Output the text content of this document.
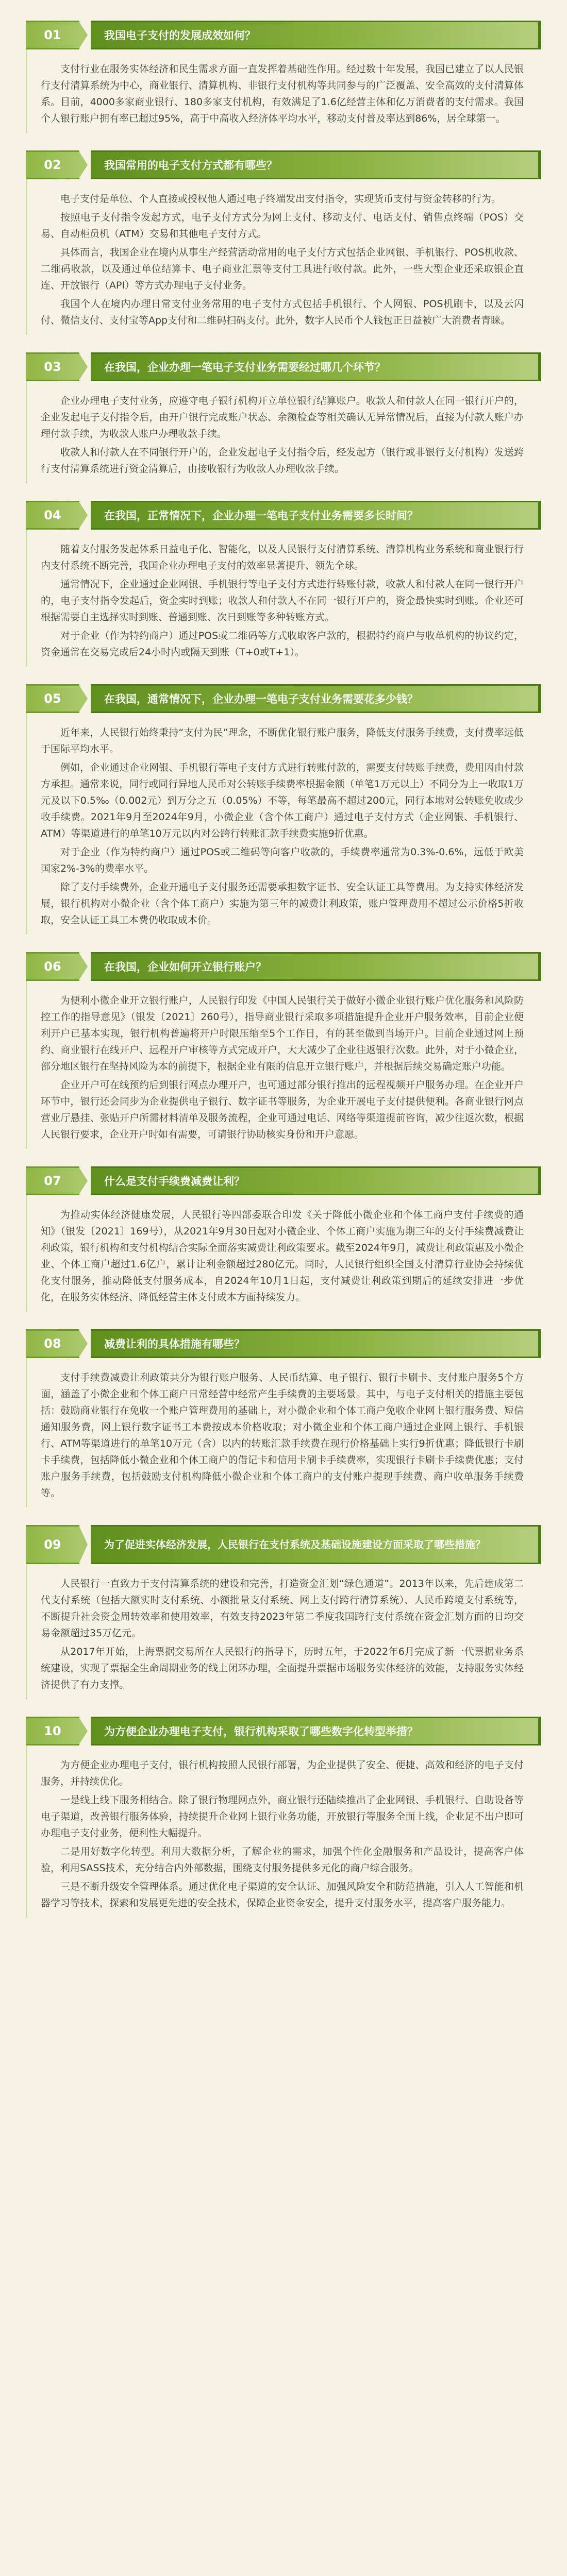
01	我国电子支付的发展成效如何？

支付行业在服务实体经济和民生需求方面一直发挥着基础性作用。经过数十年发展，我国已建立了以人民银行支付清算系统为中心，商业银行、清算机构、非银行支付机构等共同参与的广泛覆盖、安全高效的支付清算体系。目前，4000多家商业银行、180多家支付机构，有效满足了1.6亿经营主体和亿万消费者的支付需求。我国个人银行账户拥有率已超过95%，高于中高收入经济体平均水平，移动支付普及率达到86%，居全球第一。

02	我国常用的电子支付方式都有哪些？

电子支付是单位、个人直接或授权他人通过电子终端发出支付指令，实现货币支付与资金转移的行为。

按照电子支付指令发起方式，电子支付方式分为网上支付、移动支付、电话支付、销售点终端（POS）交易、自动柜员机（ATM）交易和其他电子支付方式。

具体而言，我国企业在境内从事生产经营活动常用的电子支付方式包括企业网银、手机银行、POS机收款、二维码收款，以及通过单位结算卡、电子商业汇票等支付工具进行收付款。此外，一些大型企业还采取银企直连、开放银行（API）等方式办理电子支付业务。

我国个人在境内办理日常支付业务常用的电子支付方式包括手机银行、个人网银、POS机刷卡，以及云闪付、微信支付、支付宝等App支付和二维码扫码支付。此外，数字人民币个人钱包正日益被广大消费者青睐。

03	在我国，企业办理一笔电子支付业务需要经过哪几个环节？

企业办理电子支付业务，应遵守电子银行机构开立单位银行结算账户。收款人和付款人在同一银行开户的，企业发起电子支付指令后，由开户银行完成账户状态、余额检查等相关确认无异常情况后，直接为付款人账户办理付款手续，为收款人账户办理收款手续。

收款人和付款人在不同银行开户的，企业发起电子支付指令后，经发起方（银行或非银行支付机构）发送跨行支付清算系统进行资金清算后，由接收银行为收款人办理收款手续。

04	在我国，正常情况下，企业办理一笔电子支付业务需要多长时间？

随着支付服务发起体系日益电子化、智能化，以及人民银行支付清算系统、清算机构业务系统和商业银行行内支付系统不断完善，我国企业办理电子支付的效率显著提升、领先全球。

通常情况下，企业通过企业网银、手机银行等电子支付方式进行转账付款，收款人和付款人在同一银行开户的，电子支付指令发起后，资金实时到账；收款人和付款人不在同一银行开户的，资金最快实时到账。企业还可根据需要自主选择实时到账、普通到账、次日到账等多种转账方式。

对于企业（作为特约商户）通过POS或二维码等方式收取客户款的，根据特约商户与收单机构的协议约定，资金通常在交易完成后24小时内或隔天到账（T+0或T+1）。

05	在我国，通常情况下，企业办理一笔电子支付业务需要花多少钱？

近年来，人民银行始终秉持“支付为民”理念，不断优化银行账户服务，降低支付服务手续费，支付费率远低于国际平均水平。

例如，企业通过企业网银、手机银行等电子支付方式进行转账付款的，需要支付转账手续费，费用因由付款方承担。通常来说，同行或同行异地人民币对公转账手续费率根据金额（单笔1万元以上）不同分为上一收取1万元及以下0.5‰（0.002元）到万分之五（0.05%）不等，每笔最高不超过200元，同行本地对公转账免收或少收手续费。2021年9月至2024年9月，小微企业（含个体工商户）通过电子支付方式（企业网银、手机银行、ATM）等渠道进行的单笔10万元以内对公跨行转账汇款手续费实施9折优惠。

对于企业（作为特约商户）通过POS或二维码等向客户收款的，手续费率通常为0.3%-0.6%，远低于欧美国家2%-3%的费率水平。

除了支付手续费外，企业开通电子支付服务还需要承担数字证书、安全认证工具等费用。为支持实体经济发展，银行机构对小微企业（含个体工商户）实施为第三年的减费让利政策，账户管理费用不超过公示价格5折收取，安全认证工具工本费仍收取成本价。

06	在我国，企业如何开立银行账户？

为便利小微企业开立银行账户，人民银行印发《中国人民银行关于做好小微企业银行账户优化服务和风险防控工作的指导意见》（银发〔2021〕260号），指导商业银行采取多项措施提升企业开户服务效率，目前企业便利开户已基本实现，银行机构普遍将开户时限压缩至5个工作日，有的甚至做到当场开户。目前企业通过网上预约、商业银行在线开户、远程开户审核等方式完成开户，大大减少了企业往返银行次数。此外，对于小微企业，部分地区银行在坚持风险为本的前提下，根据企业有限的信息开立银行账户，并根据后续交易确定账户功能。

企业开户可在线预约后到银行网点办理开户，也可通过部分银行推出的远程视频开户服务办理。在企业开户环节中，银行还会同步为企业提供电子银行、数字证书等服务，为企业开展电子支付提供便利。各商业银行网点营业厅悬挂、张贴开户所需材料清单及服务流程，企业可通过电话、网络等渠道提前咨询，减少往返次数，根据人民银行要求，企业开户时如有需要，可请银行协助核实身份和开户意愿。

07	什么是支付手续费减费让利？

为推动实体经济健康发展，人民银行等四部委联合印发《关于降低小微企业和个体工商户支付手续费的通知》（银发〔2021〕169号），从2021年9月30日起对小微企业、个体工商户实施为期三年的支付手续费减费让利政策，银行机构和支付机构结合实际全面落实减费让利政策要求。截至2024年9月，减费让利政策惠及小微企业、个体工商户超过1.6亿户，累计让利金额超过280亿元。同时，人民银行组织全国支付清算行业协会持续优化支付服务，推动降低支付服务成本，自2024年10月1日起，支付减费让利政策到期后的延续安排进一步优化，在服务实体经济、降低经营主体支付成本方面持续发力。

08	减费让利的具体措施有哪些？

支付手续费减费让利政策共分为银行账户服务、人民币结算、电子银行、银行卡刷卡、支付账户服务5个方面，涵盖了小微企业和个体工商户日常经营中经常产生手续费的主要场景。其中，与电子支付相关的措施主要包括：鼓励商业银行在免收一个账户管理费用的基础上，对小微企业和个体工商户免收企业网上银行服务费、短信通知服务费，网上银行数字证书工本费按成本价格收取；对小微企业和个体工商户通过企业网上银行、手机银行、ATM等渠道进行的单笔10万元（含）以内的转账汇款手续费在现行价格基础上实行9折优惠；降低银行卡刷卡手续费，包括降低小微企业和个体工商户的借记卡和信用卡刷卡手续费率，实现银行卡刷卡手续费优惠；支付账户服务手续费，包括鼓励支付机构降低小微企业和个体工商户的支付账户提现手续费、商户收单服务手续费等。

09	为了促进实体经济发展，人民银行在支付系统及基础设施建设方面采取了哪些措施？

人民银行一直致力于支付清算系统的建设和完善，打造资金汇划“绿色通道”。2013年以来，先后建成第二代支付系统（包括大额实时支付系统、小额批量支付系统、网上支付跨行清算系统）、人民币跨境支付系统等，不断提升社会资金周转效率和使用效率，有效支持2023年第二季度我国跨行支付系统在资金汇划方面的日均交易金额超过35万亿元。

从2017年开始，上海票据交易所在人民银行的指导下，历时五年，于2022年6月完成了新一代票据业务系统建设，实现了票据全生命周期业务的线上闭环办理，全面提升票据市场服务实体经济的效能，支持服务实体经济提供了有力支撑。

10	为方便企业办理电子支付，银行机构采取了哪些数字化转型举措？

为方便企业办理电子支付，银行机构按照人民银行部署，为企业提供了安全、便捷、高效和经济的电子支付服务，并持续优化。

一是线上线下服务相结合。除了银行物理网点外，商业银行还陆续推出了企业网银、手机银行、自助设备等电子渠道，改善银行服务体验，持续提升企业网上银行业务功能，开放银行等服务全面上线，企业足不出户即可办理电子支付业务，便利性大幅提升。

二是用好数字化转型。利用大数据分析，了解企业的需求，加强个性化金融服务和产品设计，提高客户体验，利用SASS技术，充分结合内外部数据，围绕支付服务提供多元化的商户综合服务。

三是不断升级安全管理体系。通过优化电子渠道的安全认证、加强风险安全和防范措施，引入人工智能和机器学习等技术，探索和发展更先进的安全技术，保障企业资金安全，提升支付服务水平，提高客户服务能力。
